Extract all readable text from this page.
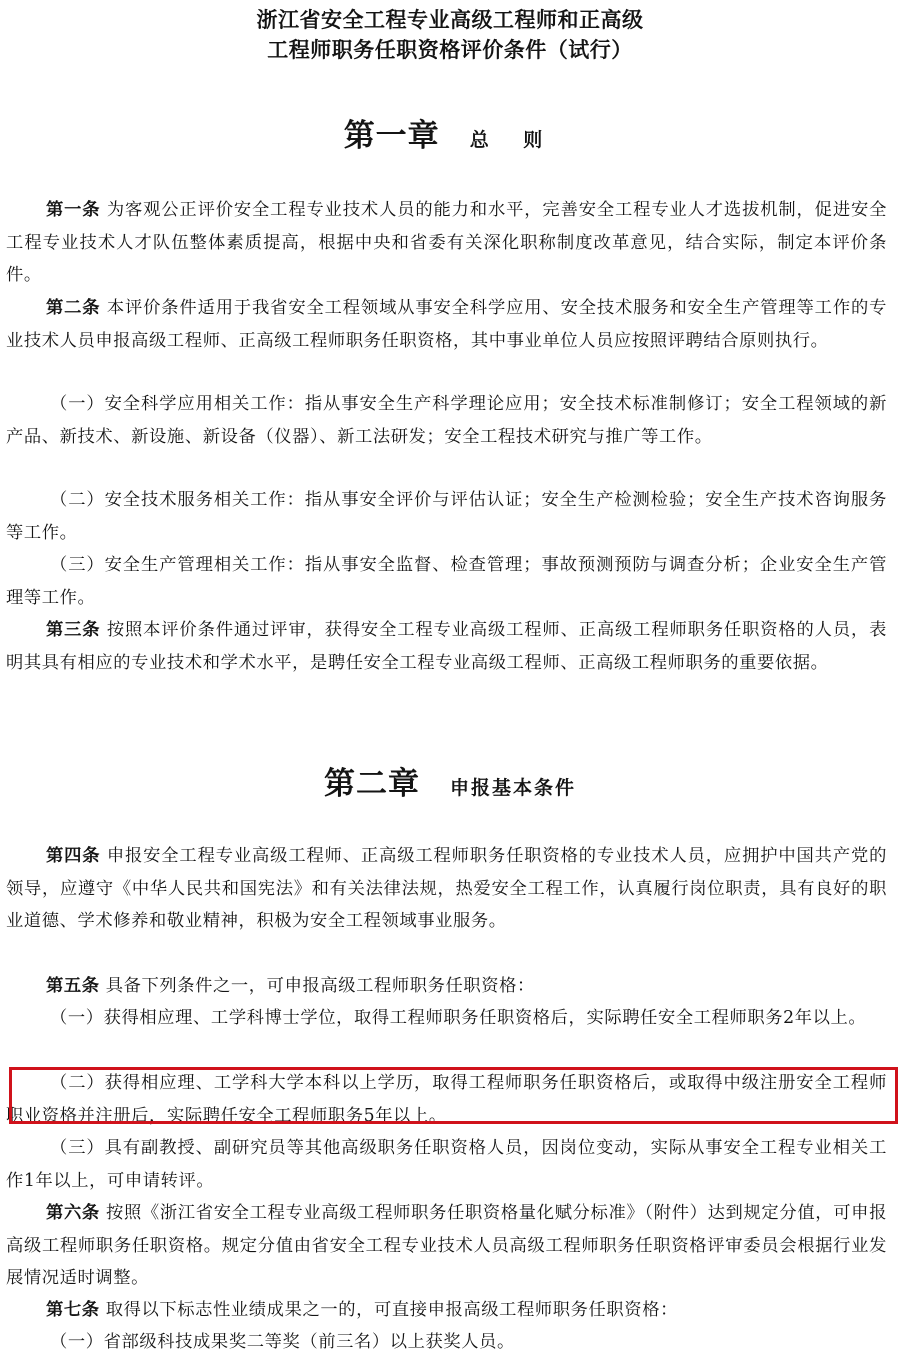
浙江省安全工程专业高级工程师和正高级
工程师职务任职资格评价条件（试行）
第一章 总 则

第一条 为客观公正评价安全工程专业技术人员的能力和水平，完善安全工程专业人才选拔机制，促进安全工程专业技术人才队伍整体素质提高，根据中央和省委有关深化职称制度改革意见，结合实际，制定本评价条件。

第二条 本评价条件适用于我省安全工程领域从事安全科学应用、安全技术服务和安全生产管理等工作的专业技术人员申报高级工程师、正高级工程师职务任职资格，其中事业单位人员应按照评聘结合原则执行。

（一）安全科学应用相关工作：指从事安全生产科学理论应用；安全技术标准制修订；安全工程领域的新产品、新技术、新设施、新设备（仪器）、新工法研发；安全工程技术研究与推广等工作。

（二）安全技术服务相关工作：指从事安全评价与评估认证；安全生产检测检验；安全生产技术咨询服务等工作。

（三）安全生产管理相关工作：指从事安全监督、检查管理；事故预测预防与调查分析；企业安全生产管理等工作。

第三条 按照本评价条件通过评审，获得安全工程专业高级工程师、正高级工程师职务任职资格的人员，表明其具有相应的专业技术和学术水平，是聘任安全工程专业高级工程师、正高级工程师职务的重要依据。

第二章 申报基本条件

第四条 申报安全工程专业高级工程师、正高级工程师职务任职资格的专业技术人员，应拥护中国共产党的领导，应遵守《中华人民共和国宪法》和有关法律法规，热爱安全工程工作，认真履行岗位职责，具有良好的职业道德、学术修养和敬业精神，积极为安全工程领域事业服务。

第五条 具备下列条件之一，可申报高级工程师职务任职资格：

（一）获得相应理、工学科博士学位，取得工程师职务任职资格后，实际聘任安全工程师职务2年以上。

（二）获得相应理、工学科大学本科以上学历，取得工程师职务任职资格后，或取得中级注册安全工程师职业资格并注册后，实际聘任安全工程师职务5年以上。

（三）具有副教授、副研究员等其他高级职务任职资格人员，因岗位变动，实际从事安全工程专业相关工作1年以上，可申请转评。

第六条 按照《浙江省安全工程专业高级工程师职务任职资格量化赋分标准》（附件）达到规定分值，可申报高级工程师职务任职资格。规定分值由省安全工程专业技术人员高级工程师职务任职资格评审委员会根据行业发展情况适时调整。

第七条 取得以下标志性业绩成果之一的，可直接申报高级工程师职务任职资格：

（一）省部级科技成果奖二等奖（前三名）以上获奖人员。
